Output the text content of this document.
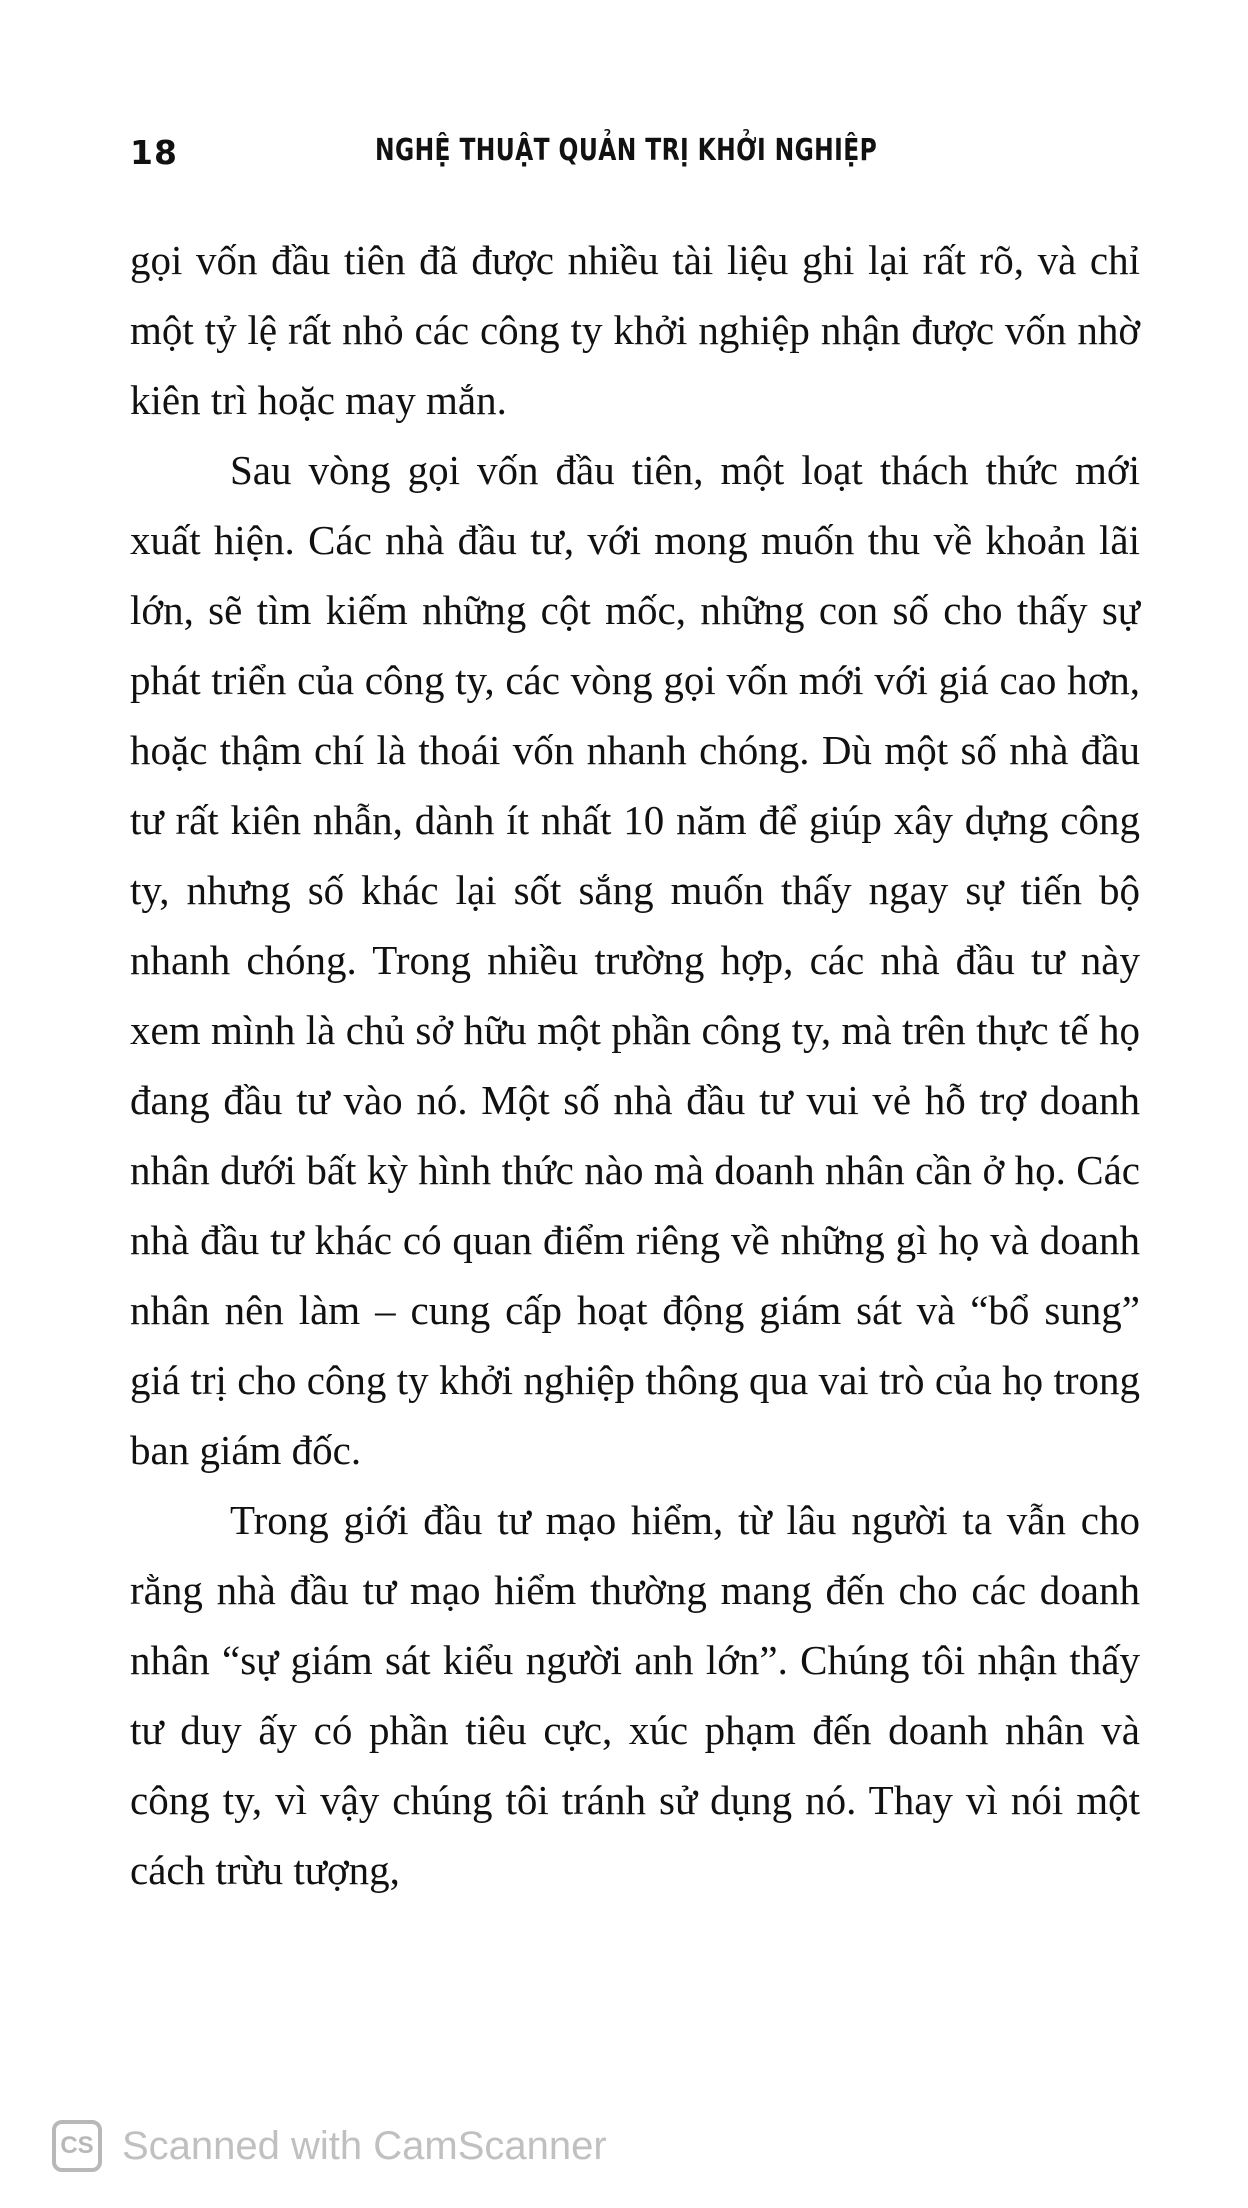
18	NGHỆ THUẬT QUẢN TRỊ KHỞI NGHIỆP

gọi vốn đầu tiên đã được nhiều tài liệu ghi lại rất rõ, và chỉ một tỷ lệ rất nhỏ các công ty khởi nghiệp nhận được vốn nhờ kiên trì hoặc may mắn.

Sau vòng gọi vốn đầu tiên, một loạt thách thức mới xuất hiện. Các nhà đầu tư, với mong muốn thu về khoản lãi lớn, sẽ tìm kiếm những cột mốc, những con số cho thấy sự phát triển của công ty, các vòng gọi vốn mới với giá cao hơn, hoặc thậm chí là thoái vốn nhanh chóng. Dù một số nhà đầu tư rất kiên nhẫn, dành ít nhất 10 năm để giúp xây dựng công ty, nhưng số khác lại sốt sắng muốn thấy ngay sự tiến bộ nhanh chóng. Trong nhiều trường hợp, các nhà đầu tư này xem mình là chủ sở hữu một phần công ty, mà trên thực tế họ đang đầu tư vào nó. Một số nhà đầu tư vui vẻ hỗ trợ doanh nhân dưới bất kỳ hình thức nào mà doanh nhân cần ở họ. Các nhà đầu tư khác có quan điểm riêng về những gì họ và doanh nhân nên làm – cung cấp hoạt động giám sát và “bổ sung” giá trị cho công ty khởi nghiệp thông qua vai trò của họ trong ban giám đốc.

Trong giới đầu tư mạo hiểm, từ lâu người ta vẫn cho rằng nhà đầu tư mạo hiểm thường mang đến cho các doanh nhân “sự giám sát kiểu người anh lớn”. Chúng tôi nhận thấy tư duy ấy có phần tiêu cực, xúc phạm đến doanh nhân và công ty, vì vậy chúng tôi tránh sử dụng nó. Thay vì nói một cách trừu tượng,

CS Scanned with CamScanner
